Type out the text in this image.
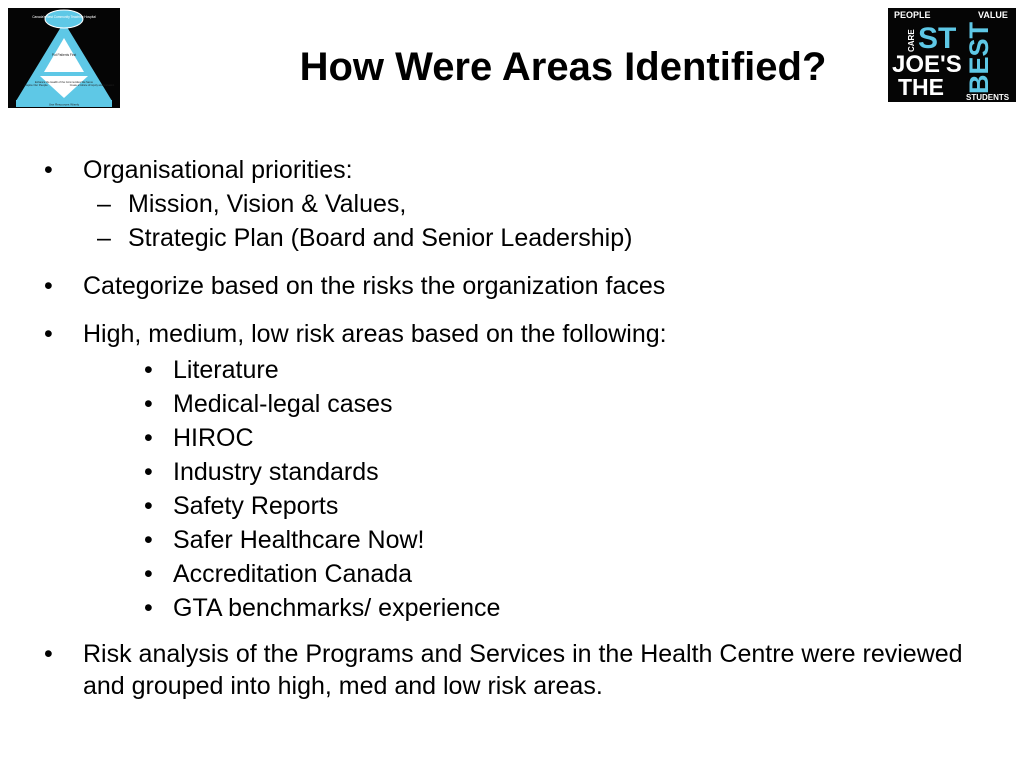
Canada's Best Community Teaching Hospital
Put Patients First
Enhance the Health of the Communities We Serve
Inspire Our People	Create a Culture of Inquiry and Innovation
Use Resources Wisely
PEOPLE	VALUE
CARE ST
JOE'S
THE BEST
STUDENTS
How Were Areas Identified?
• Organisational priorities:
– Mission, Vision & Values,
– Strategic Plan (Board and Senior Leadership)
• Categorize based on the risks the organization faces
• High, medium, low risk areas based on the following:
• Literature
• Medical-legal cases
• HIROC
• Industry standards
• Safety Reports
• Safer Healthcare Now!
• Accreditation Canada
• GTA benchmarks/ experience
• Risk analysis of the Programs and Services in the Health Centre were reviewed and grouped into high, med and low risk areas.
